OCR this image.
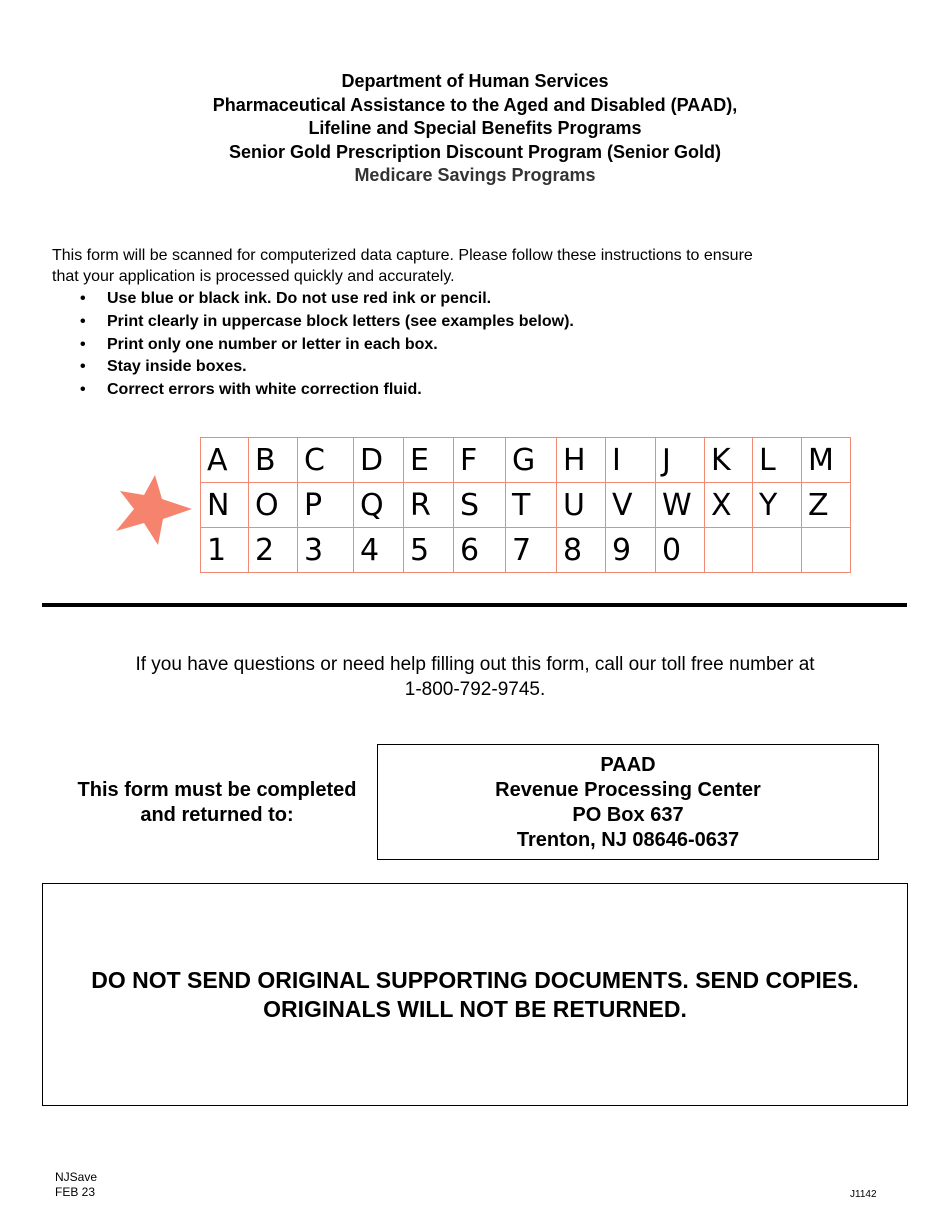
Department of Human Services
Pharmaceutical Assistance to the Aged and Disabled (PAAD),
Lifeline and Special Benefits Programs
Senior Gold Prescription Discount Program (Senior Gold)
Medicare Savings Programs
This form will be scanned for computerized data capture. Please follow these instructions to ensure
that your application is processed quickly and accurately.
• Use blue or black ink. Do not use red ink or pencil.
• Print clearly in uppercase block letters (see examples below).
• Print only one number or letter in each box.
• Stay inside boxes.
• Correct errors with white correction fluid.
A	B	C	D	E	F	G	H	I	J	K	L	M
N	O	P	Q	R	S	T	U	V	W	X	Y	Z
1	2	3	4	5	6	7	8	9	0			
If you have questions or need help filling out this form, call our toll free number at
1-800-792-9745.
This form must be completed
and returned to:
PAAD
Revenue Processing Center
PO Box 637
Trenton, NJ 08646-0637
DO NOT SEND ORIGINAL SUPPORTING DOCUMENTS. SEND COPIES.
ORIGINALS WILL NOT BE RETURNED.
NJSave
FEB 23	J1142
